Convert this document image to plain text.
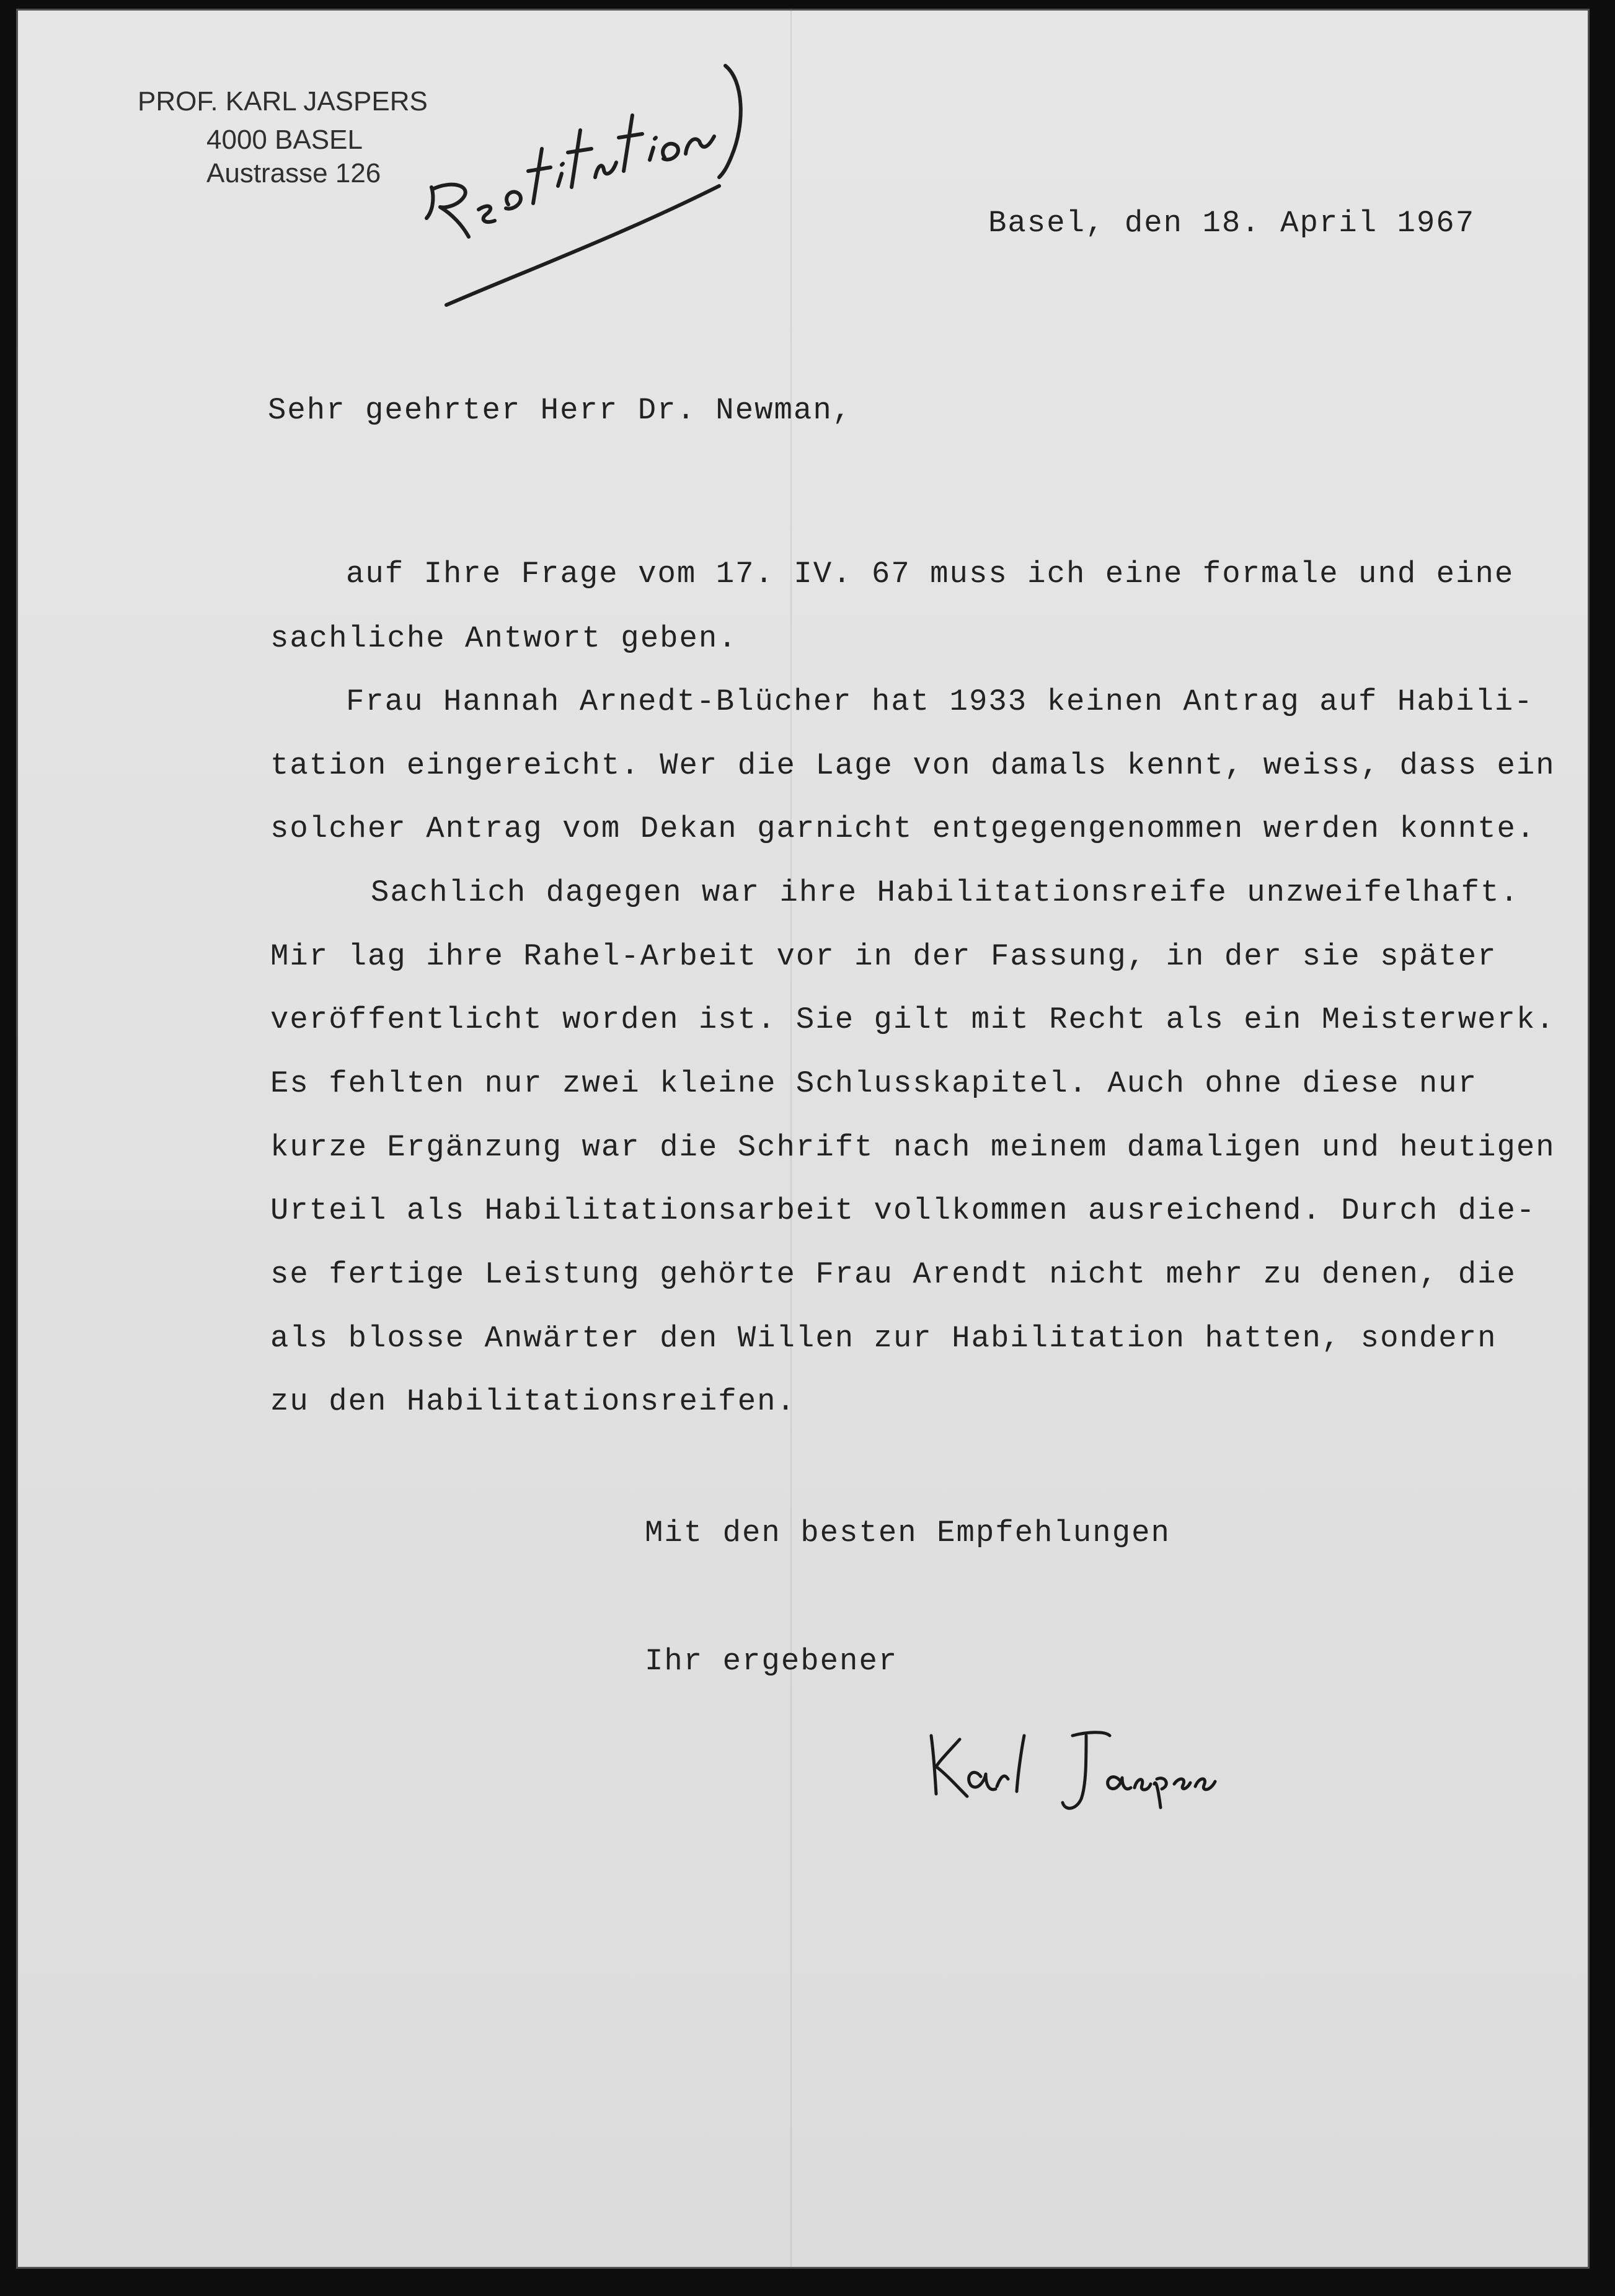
PROF. KARL JASPERS
4000 BASEL
Austrasse 126
Basel, den 18. April 1967
Sehr geehrter Herr Dr. Newman,
auf Ihre Frage vom 17. IV. 67 muss ich eine formale und eine
sachliche Antwort geben.
Frau Hannah Arnedt-Blücher hat 1933 keinen Antrag auf Habili-
tation eingereicht. Wer die Lage von damals kennt, weiss, dass ein
solcher Antrag vom Dekan garnicht entgegengenommen werden konnte.
Sachlich dagegen war ihre Habilitationsreife unzweifelhaft.
Mir lag ihre Rahel-Arbeit vor in der Fassung, in der sie später
veröffentlicht worden ist. Sie gilt mit Recht als ein Meisterwerk.
Es fehlten nur zwei kleine Schlusskapitel. Auch ohne diese nur
kurze Ergänzung war die Schrift nach meinem damaligen und heutigen
Urteil als Habilitationsarbeit vollkommen ausreichend. Durch die-
se fertige Leistung gehörte Frau Arendt nicht mehr zu denen, die
als blosse Anwärter den Willen zur Habilitation hatten, sondern
zu den Habilitationsreifen.
Mit den besten Empfehlungen
Ihr ergebener
